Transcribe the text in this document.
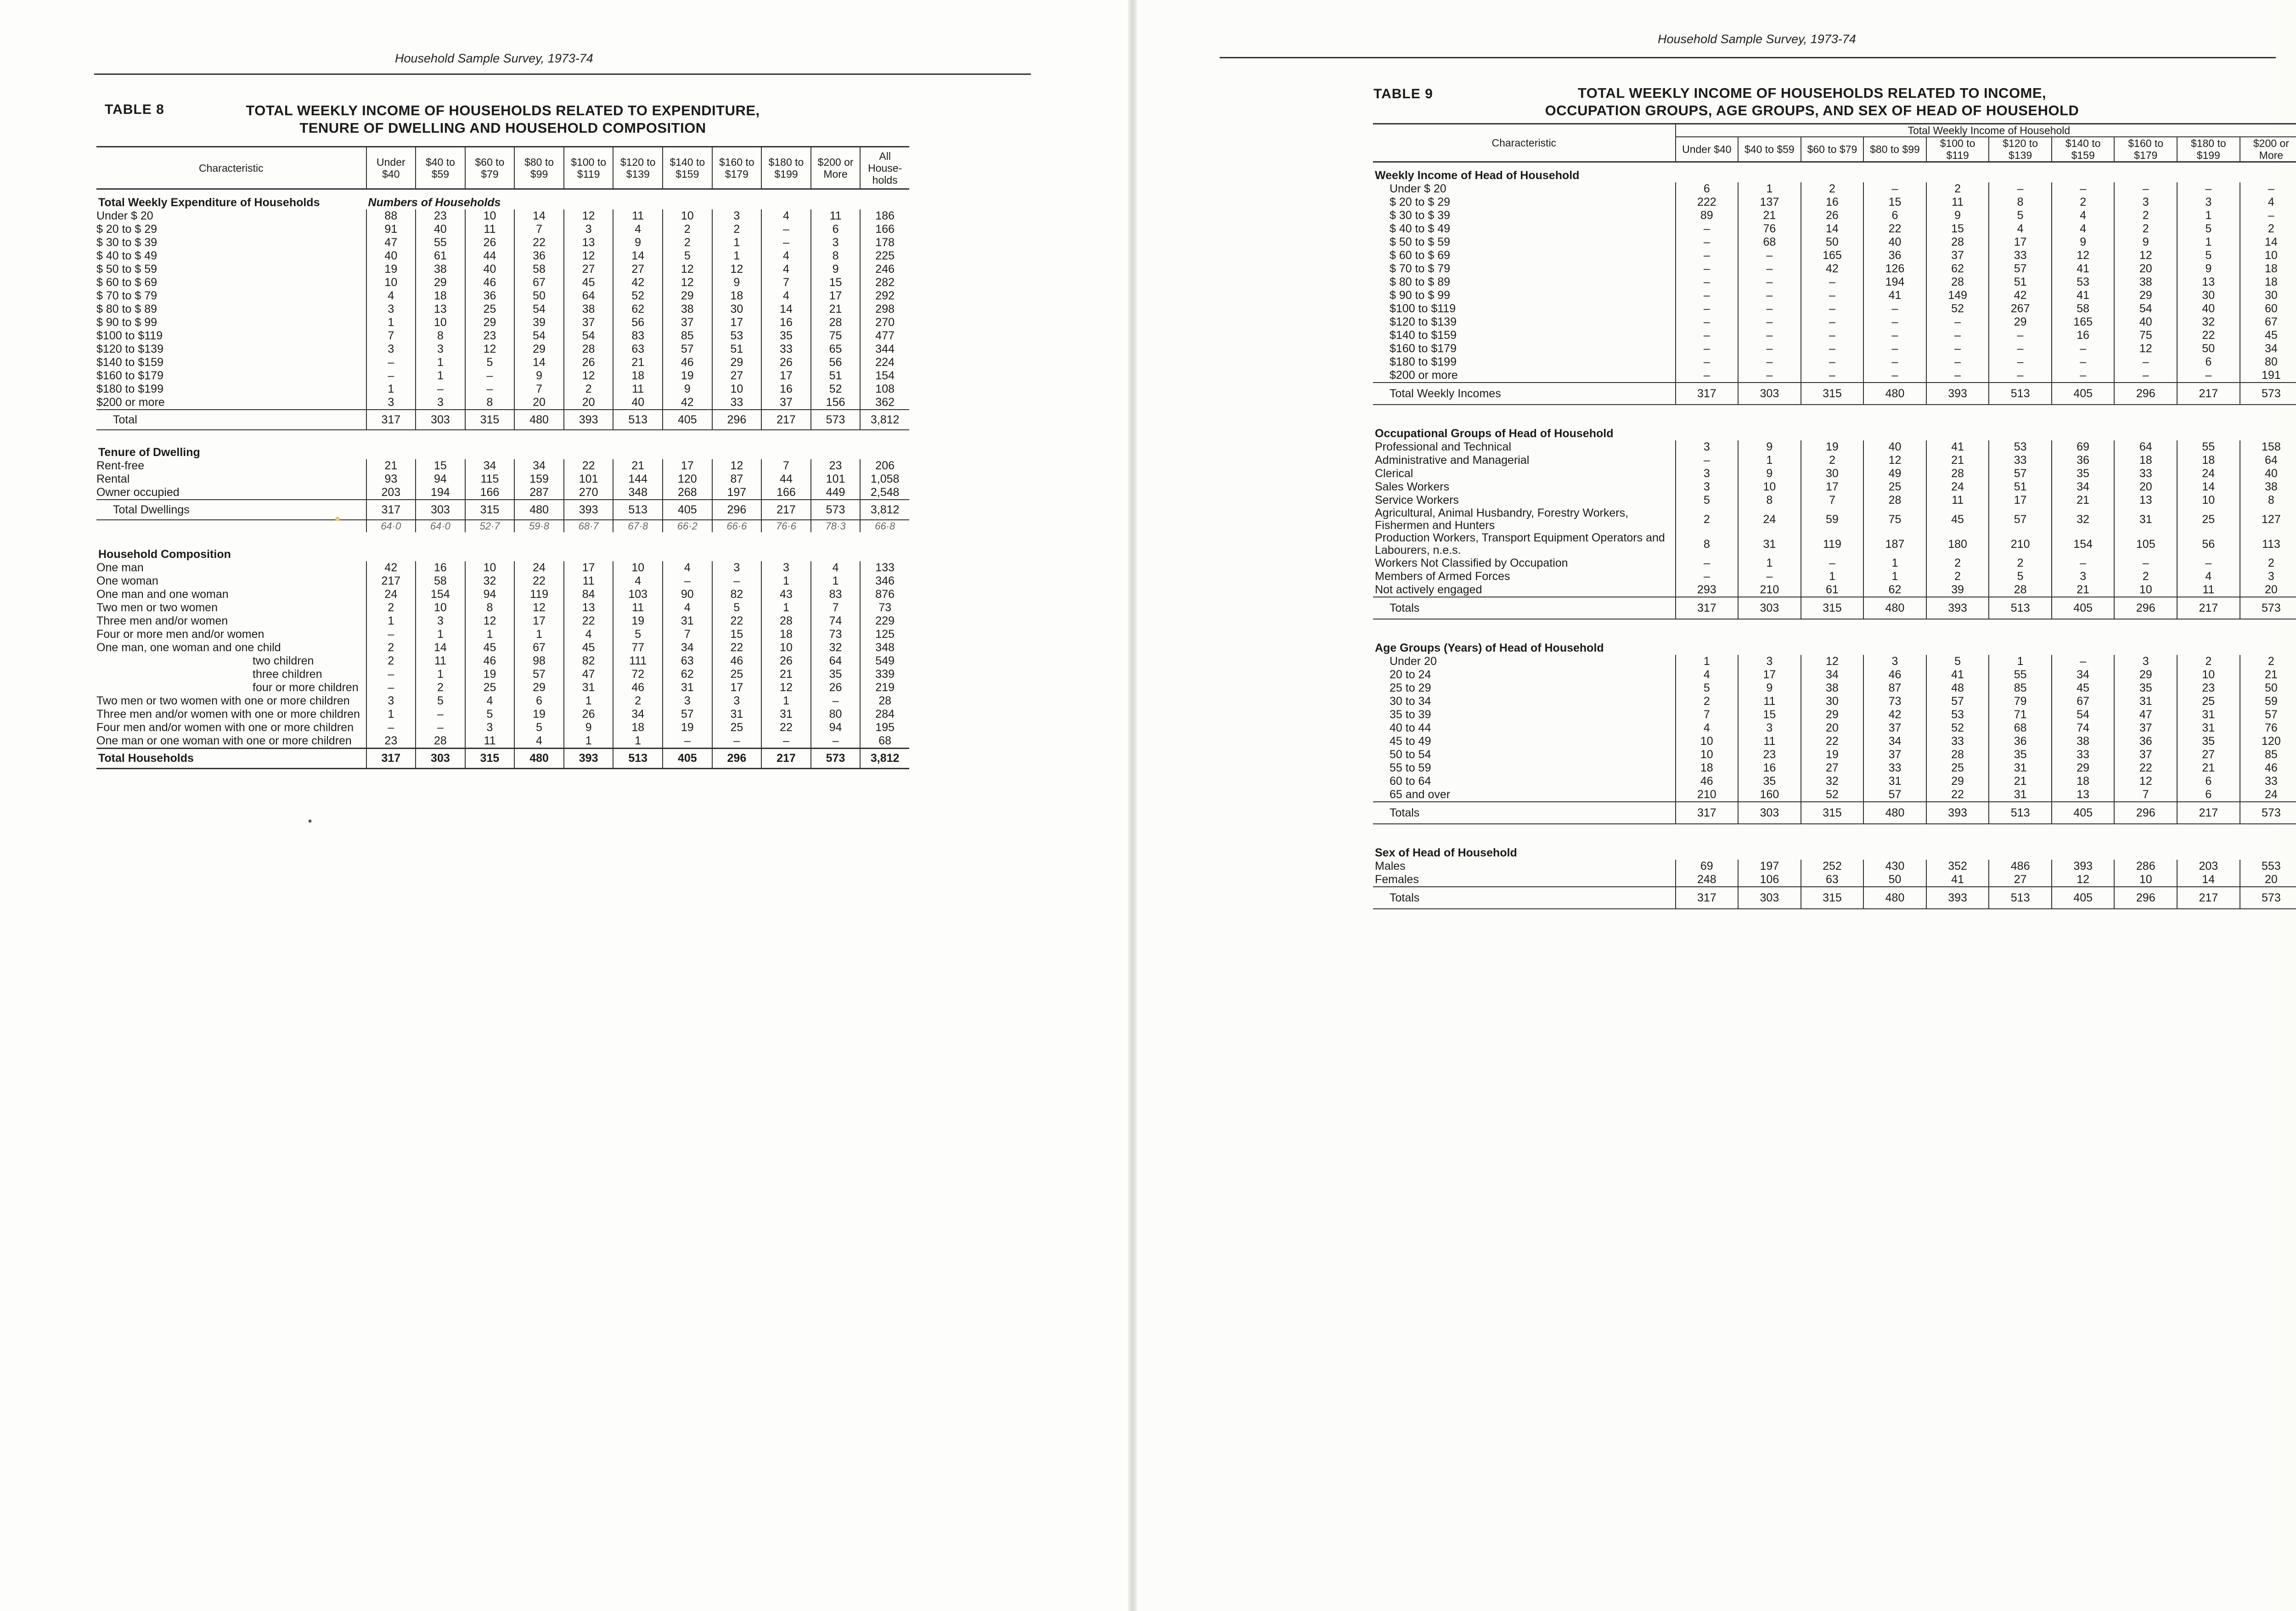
Household Sample Survey, 1973-74
TABLE 8	TOTAL WEEKLY INCOME OF HOUSEHOLDS RELATED TO EXPENDITURE,
TENURE OF DWELLING AND HOUSEHOLD COMPOSITION
Characteristic	Under $40	$40 to $59	$60 to $79	$80 to $99	$100 to $119	$120 to $139	$140 to $159	$160 to $179	$180 to $199	$200 or More	All House-holds
Total Weekly Expenditure of Households	Numbers of Households										
Under $ 20	88	23	10	14	12	11	10	3	4	11	186
$ 20 to $ 29	91	40	11	7	3	4	2	2	–	6	166
$ 30 to $ 39	47	55	26	22	13	9	2	1	–	3	178
$ 40 to $ 49	40	61	44	36	12	14	5	1	4	8	225
$ 50 to $ 59	19	38	40	58	27	27	12	12	4	9	246
$ 60 to $ 69	10	29	46	67	45	42	12	9	7	15	282
$ 70 to $ 79	4	18	36	50	64	52	29	18	4	17	292
$ 80 to $ 89	3	13	25	54	38	62	38	30	14	21	298
$ 90 to $ 99	1	10	29	39	37	56	37	17	16	28	270
$100 to $119	7	8	23	54	54	83	85	53	35	75	477
$120 to $139	3	3	12	29	28	63	57	51	33	65	344
$140 to $159	–	1	5	14	26	21	46	29	26	56	224
$160 to $179	–	1	–	9	12	18	19	27	17	51	154
$180 to $199	1	–	–	7	2	11	9	10	16	52	108
$200 or more	3	3	8	20	20	40	42	33	37	156	362
Total	317	303	315	480	393	513	405	296	217	573	3,812

Tenure of Dwelling											
Rent-free	21	15	34	34	22	21	17	12	7	23	206
Rental	93	94	115	159	101	144	120	87	44	101	1,058
Owner occupied	203	194	166	287	270	348	268	197	166	449	2,548
Total Dwellings	317	303	315	480	393	513	405	296	217	573	3,812
	64·0	64·0	52·7	59·8	68·7	67·8	66·2	66·6	76·6	78·3	66·8

Household Composition											
One man	42	16	10	24	17	10	4	3	3	4	133
One woman	217	58	32	22	11	4	–	–	1	1	346
One man and one woman	24	154	94	119	84	103	90	82	43	83	876
Two men or two women	2	10	8	12	13	11	4	5	1	7	73
Three men and/or women	1	3	12	17	22	19	31	22	28	74	229
Four or more men and/or women	–	1	1	1	4	5	7	15	18	73	125
One man, one woman and one child	2	14	45	67	45	77	34	22	10	32	348
two children	2	11	46	98	82	111	63	46	26	64	549
three children	–	1	19	57	47	72	62	25	21	35	339
four or more children	–	2	25	29	31	46	31	17	12	26	219
Two men or two women with one or more children	3	5	4	6	1	2	3	3	1	–	28
Three men and/or women with one or more children	1	–	5	19	26	34	57	31	31	80	284
Four men and/or women with one or more children	–	–	3	5	9	18	19	25	22	94	195
One man or one woman with one or more children	23	28	11	4	1	1	–	–	–	–	68
Total Households	317	303	315	480	393	513	405	296	217	573	3,812
Household Sample Survey, 1973-74
TABLE 9	TOTAL WEEKLY INCOME OF HOUSEHOLDS RELATED TO INCOME,
OCCUPATION GROUPS, AGE GROUPS, AND SEX OF HEAD OF HOUSEHOLD
Characteristic	Total Weekly Income of Household	
	Under $40	$40 to $59	$60 to $79	$80 to $99	$100 to $119	$120 to $139	$140 to $159	$160 to $179	$180 to $199	$200 or More	
Weekly Income of Head of Household											
Under $ 20	6	1	2	–	2	–	–	–	–	–	
$ 20 to $ 29	222	137	16	15	11	8	2	3	3	4	
$ 30 to $ 39	89	21	26	6	9	5	4	2	1	–	
$ 40 to $ 49	–	76	14	22	15	4	4	2	5	2	
$ 50 to $ 59	–	68	50	40	28	17	9	9	1	14	
$ 60 to $ 69	–	–	165	36	37	33	12	12	5	10	
$ 70 to $ 79	–	–	42	126	62	57	41	20	9	18	
$ 80 to $ 89	–	–	–	194	28	51	53	38	13	18	
$ 90 to $ 99	–	–	–	41	149	42	41	29	30	30	
$100 to $119	–	–	–	–	52	267	58	54	40	60	
$120 to $139	–	–	–	–	–	29	165	40	32	67	
$140 to $159	–	–	–	–	–	–	16	75	22	45	
$160 to $179	–	–	–	–	–	–	–	12	50	34	
$180 to $199	–	–	–	–	–	–	–	–	6	80	
$200 or more	–	–	–	–	–	–	–	–	–	191	
Total Weekly Incomes	317	303	315	480	393	513	405	296	217	573	

Occupational Groups of Head of Household											
Professional and Technical	3	9	19	40	41	53	69	64	55	158	
Administrative and Managerial	–	1	2	12	21	33	36	18	18	64	
Clerical	3	9	30	49	28	57	35	33	24	40	
Sales Workers	3	10	17	25	24	51	34	20	14	38	
Service Workers	5	8	7	28	11	17	21	13	10	8	
Agricultural, Animal Husbandry, Forestry Workers, Fishermen and Hunters	2	24	59	75	45	57	32	31	25	127	
Production Workers, Transport Equipment Operators and Labourers, n.e.s.	8	31	119	187	180	210	154	105	56	113	
Workers Not Classified by Occupation	–	1	–	1	2	2	–	–	–	2	
Members of Armed Forces	–	–	1	1	2	5	3	2	4	3	
Not actively engaged	293	210	61	62	39	28	21	10	11	20	
Totals	317	303	315	480	393	513	405	296	217	573	

Age Groups (Years) of Head of Household											
Under 20	1	3	12	3	5	1	–	3	2	2	
20 to 24	4	17	34	46	41	55	34	29	10	21	
25 to 29	5	9	38	87	48	85	45	35	23	50	
30 to 34	2	11	30	73	57	79	67	31	25	59	
35 to 39	7	15	29	42	53	71	54	47	31	57	
40 to 44	4	3	20	37	52	68	74	37	31	76	
45 to 49	10	11	22	34	33	36	38	36	35	120	
50 to 54	10	23	19	37	28	35	33	37	27	85	
55 to 59	18	16	27	33	25	31	29	22	21	46	
60 to 64	46	35	32	31	29	21	18	12	6	33	
65 and over	210	160	52	57	22	31	13	7	6	24	
Totals	317	303	315	480	393	513	405	296	217	573	

Sex of Head of Household											
Males	69	197	252	430	352	486	393	286	203	553	
Females	248	106	63	50	41	27	12	10	14	20	
Totals	317	303	315	480	393	513	405	296	217	573	
